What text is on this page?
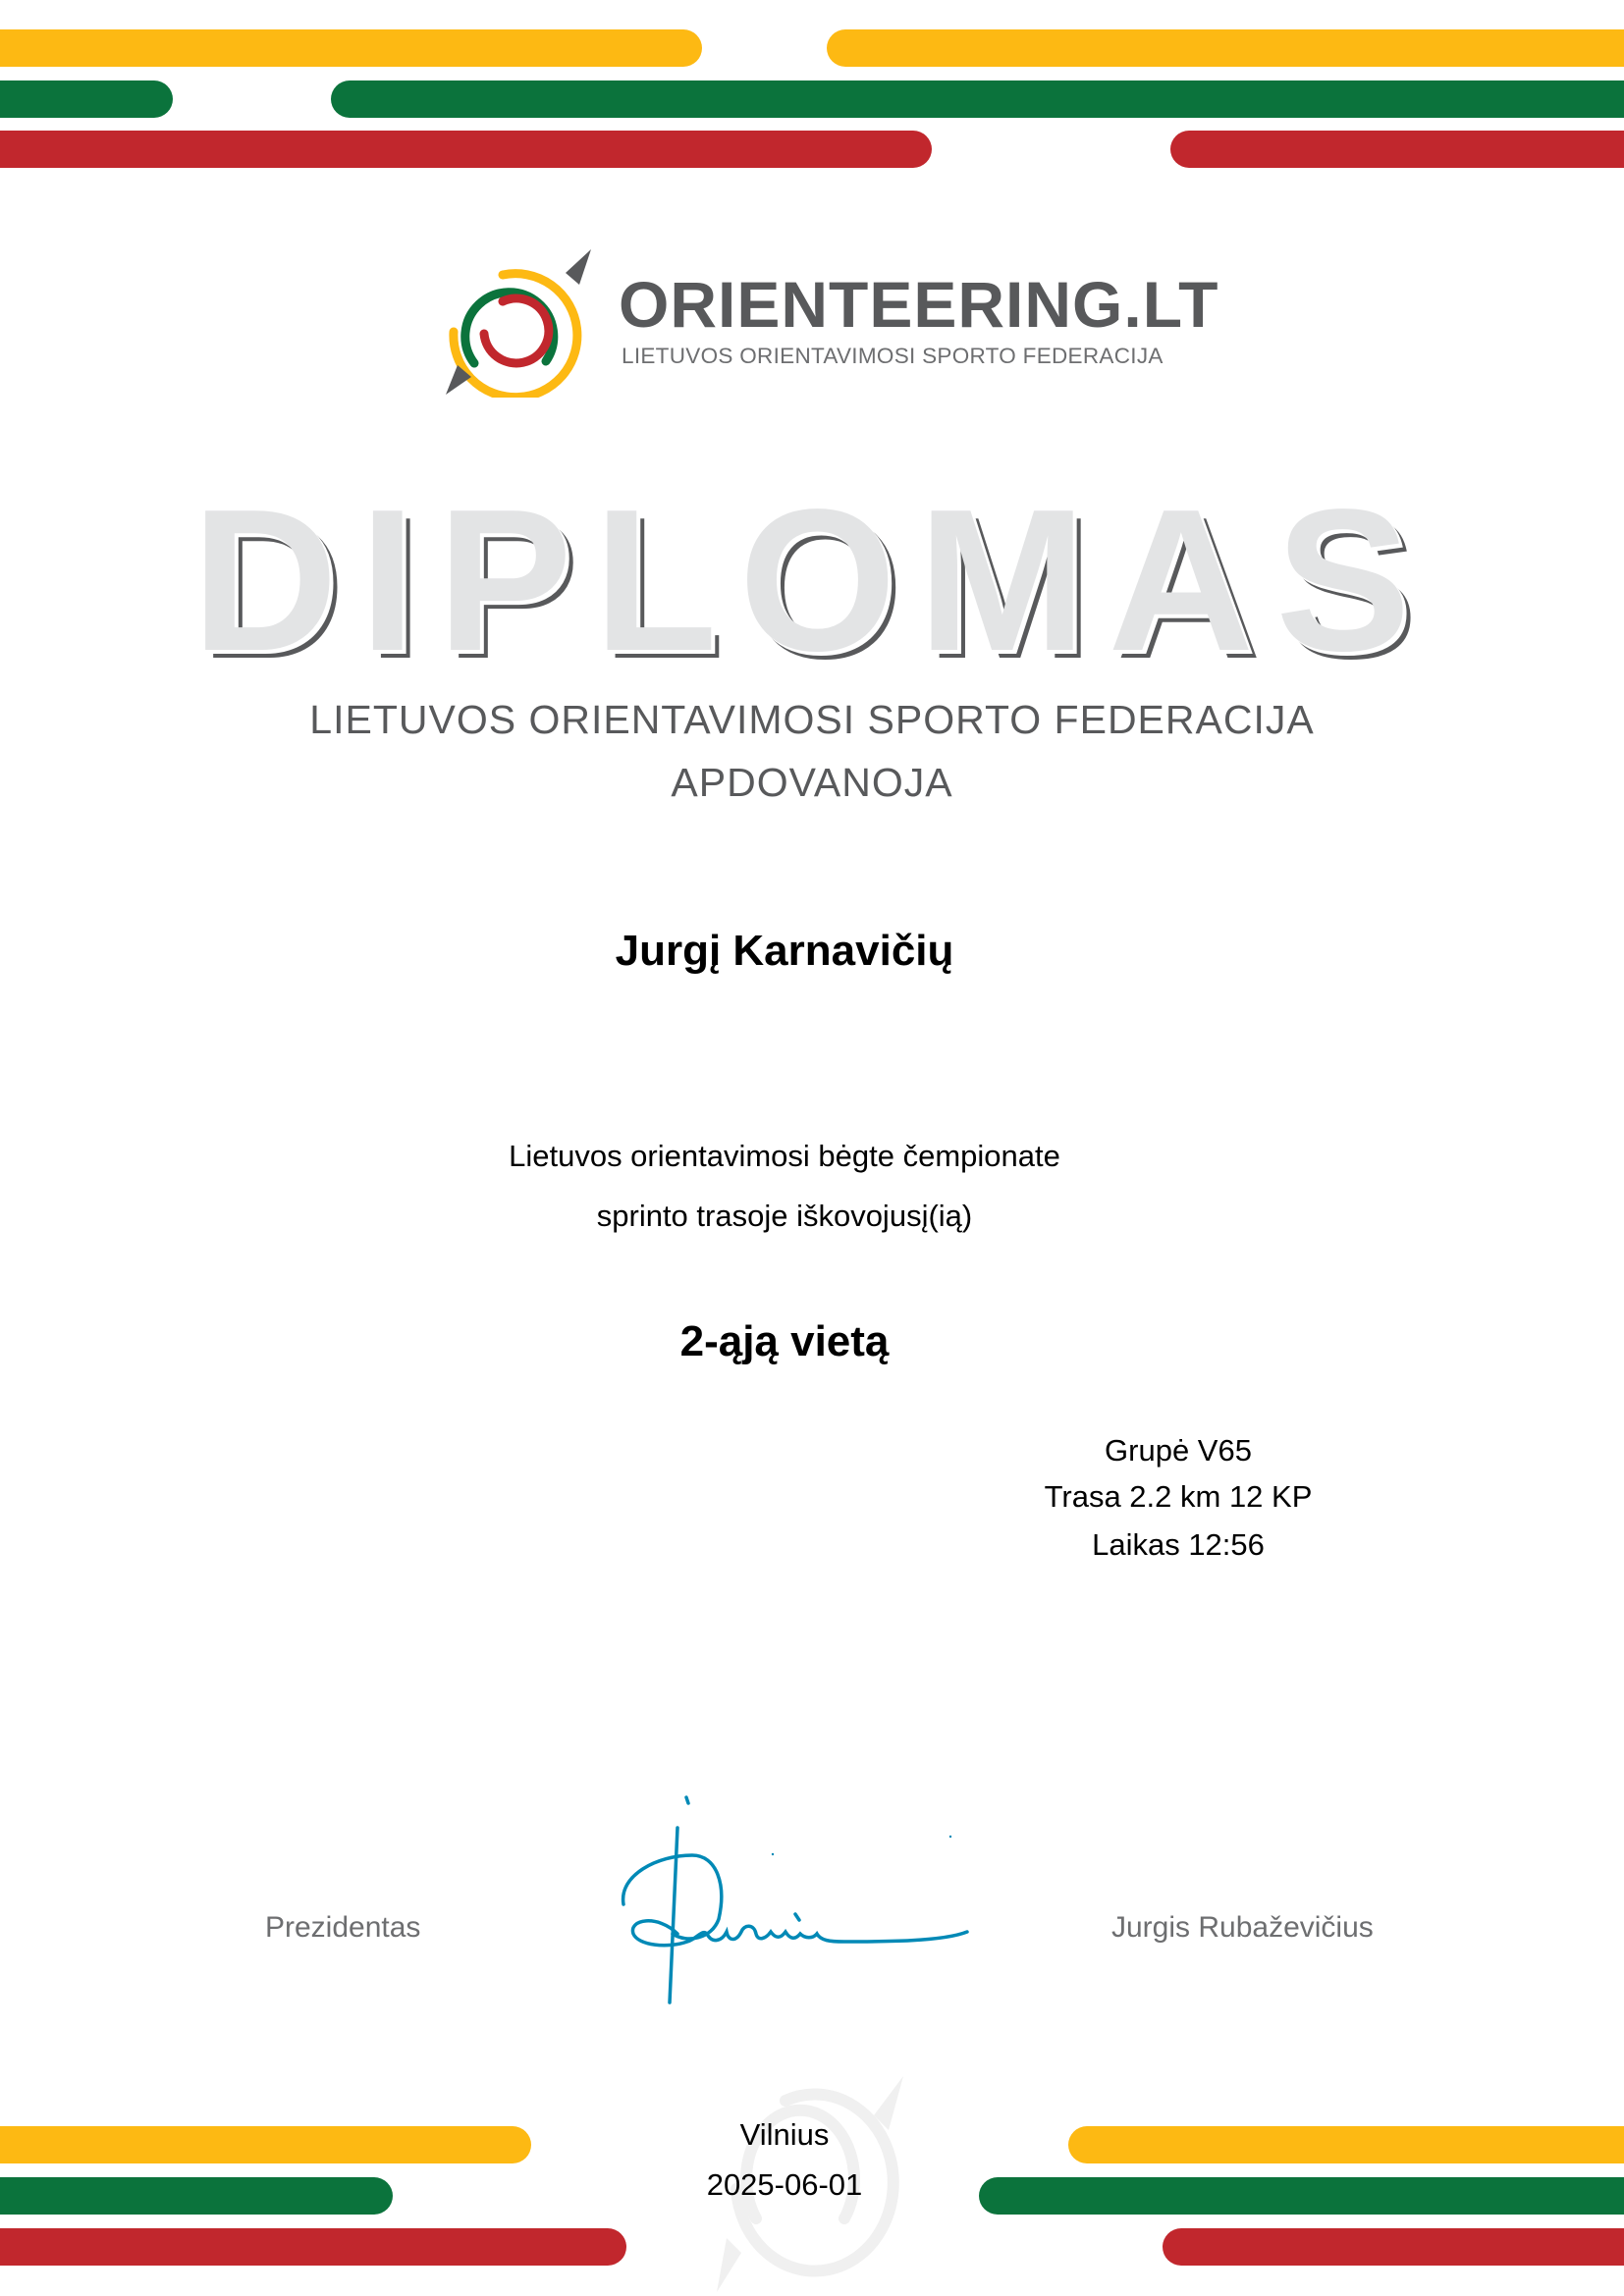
ORIENTEERING.LT
LIETUVOS ORIENTAVIMOSI SPORTO FEDERACIJA
DIPLOMAS
LIETUVOS ORIENTAVIMOSI SPORTO FEDERACIJA
APDOVANOJA
Jurgį Karnavičių
Lietuvos orientavimosi bėgte čempionate
sprinto trasoje iškovojusį(ią)
2-ąją vietą
Grupė V65
Trasa 2.2 km 12 KP
Laikas 12:56
Prezidentas	Jurgis Rubaževičius
Vilnius
2025-06-01
